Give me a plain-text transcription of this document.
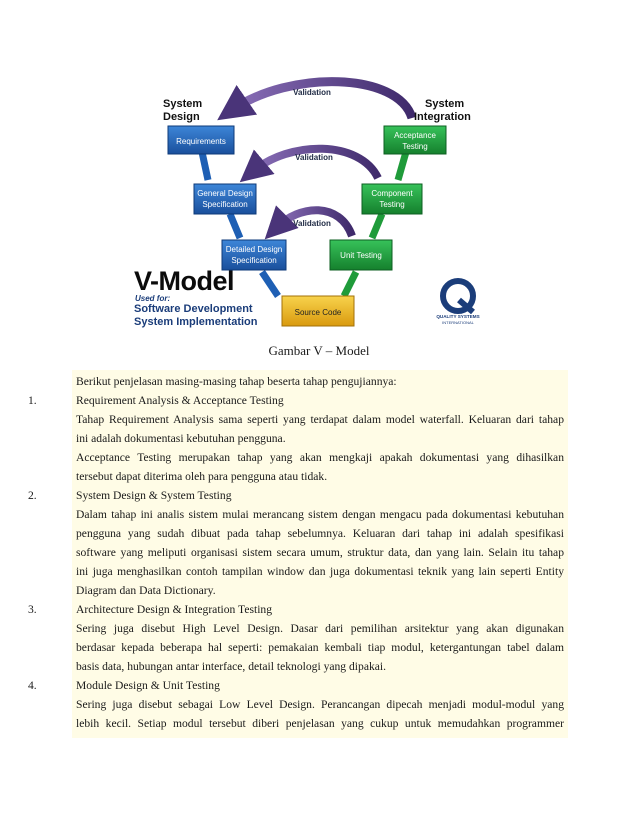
Requirements
General Design
Specification
Detailed Design
Specification
Source Code
Unit Testing
Component
Testing
Acceptance
Testing
Validation
Validation
Validation
System
Design
System
Integration
V-Model
Used for:
Software Development
System Implementation	QUALITY SYSTEMS
INTERNATIONAL
Gambar V – Model
Berikut penjelasan masing-masing tahap beserta tahap pengujiannya:
1.	Requirement Analysis & Acceptance Testing
Tahap Requirement Analysis sama seperti yang terdapat dalam model waterfall. Keluaran dari tahap
ini adalah dokumentasi kebutuhan pengguna.
Acceptance Testing merupakan tahap yang akan mengkaji apakah dokumentasi yang dihasilkan
tersebut dapat diterima oleh para pengguna atau tidak.
2.	System Design & System Testing
Dalam tahap ini analis sistem mulai merancang sistem dengan mengacu pada dokumentasi kebutuhan
pengguna yang sudah dibuat pada tahap sebelumnya. Keluaran dari tahap ini adalah spesifikasi
software yang meliputi organisasi sistem secara umum, struktur data, dan yang lain. Selain itu tahap
ini juga menghasilkan contoh tampilan window dan juga dokumentasi teknik yang lain seperti Entity
Diagram dan Data Dictionary.
3.	Architecture Design & Integration Testing
Sering juga disebut High Level Design. Dasar dari pemilihan arsitektur yang akan digunakan
berdasar kepada beberapa hal seperti: pemakaian kembali tiap modul, ketergantungan tabel dalam
basis data, hubungan antar interface, detail teknologi yang dipakai.
4.	Module Design & Unit Testing
Sering juga disebut sebagai Low Level Design. Perancangan dipecah menjadi modul-modul yang
lebih kecil. Setiap modul tersebut diberi penjelasan yang cukup untuk memudahkan programmer
